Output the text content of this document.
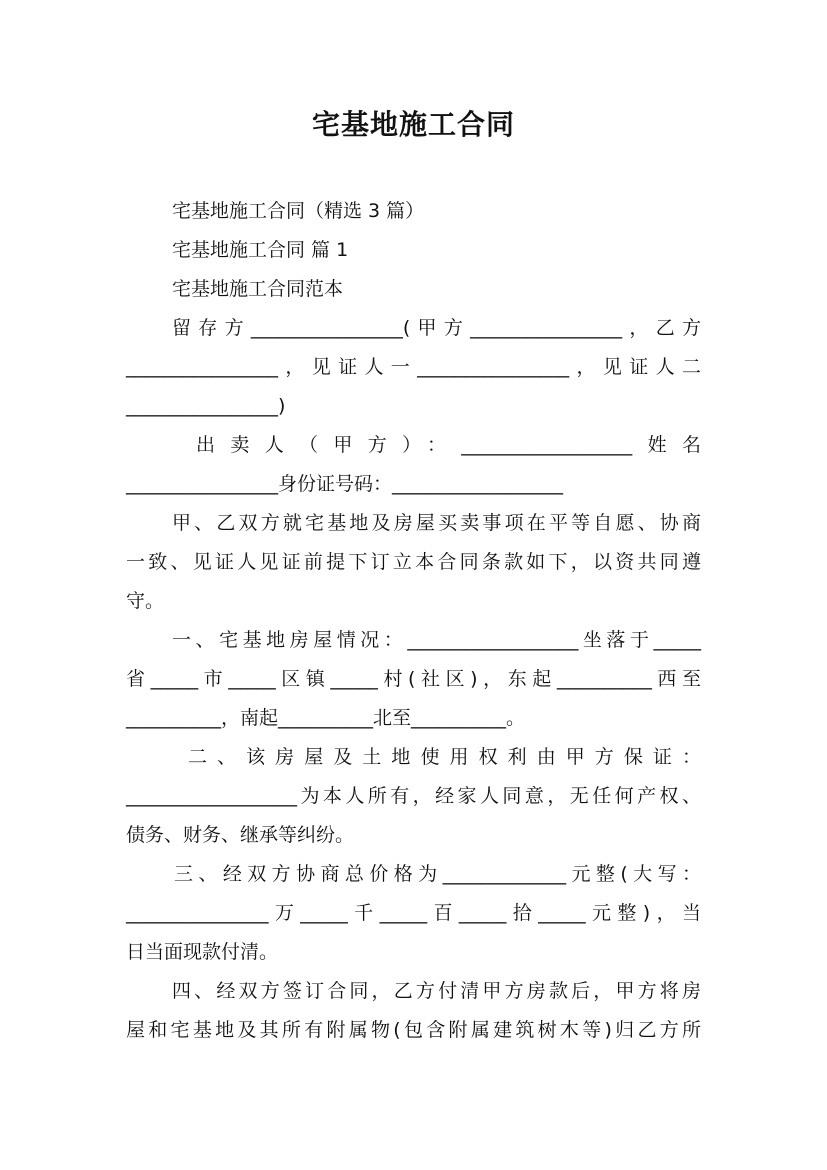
宅基地施工合同
宅基地施工合同（精选 3 篇）
宅基地施工合同 篇 1
宅基地施工合同范本
留存方________________(甲方________________，乙方
________________，见证人一________________，见证人二
________________)
出卖人（甲方）：__________________姓名
________________身份证号码：__________________
甲、乙双方就宅基地及房屋买卖事项在平等自愿、协商
一致、见证人见证前提下订立本合同条款如下，以资共同遵
守。
一、宅基地房屋情况：__________________坐落于_____
省_____市_____区镇_____村(社区)，东起__________西至
__________，南起__________北至__________。
二、该房屋及土地使用权利由甲方保证：
__________________为本人所有，经家人同意，无任何产权、
债务、财务、继承等纠纷。
三、经双方协商总价格为_____________元整(大写：
_______________万_____千_____百_____拾_____元整)，当
日当面现款付清。
四、经双方签订合同，乙方付清甲方房款后，甲方将房
屋和宅基地及其所有附属物(包含附属建筑树木等)归乙方所
